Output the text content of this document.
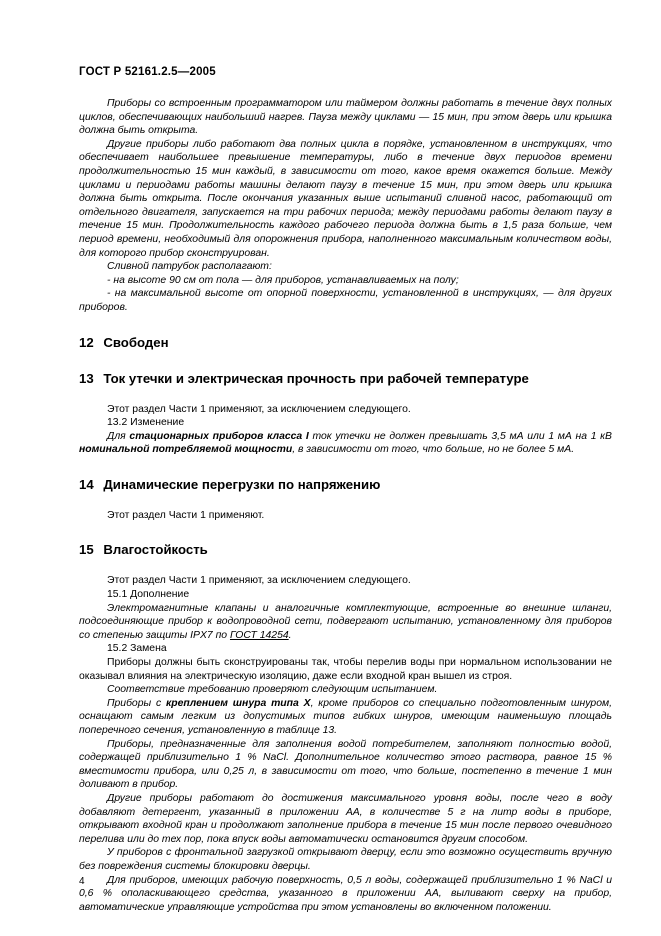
ГОСТ Р 52161.2.5—2005

Приборы со встроенным программатором или таймером должны работать в течение двух полных циклов, обеспечивающих наибольший нагрев. Пауза между циклами — 15 мин, при этом дверь или крышка должна быть открыта.

Другие приборы либо работают два полных цикла в порядке, установленном в инструкциях, что обеспечивает наибольшее превышение температуры, либо в течение двух периодов времени продолжительностью 15 мин каждый, в зависимости от того, какое время окажется больше. Между циклами и периодами работы машины делают паузу в течение 15 мин, при этом дверь или крышка должна быть открыта. После окончания указанных выше испытаний сливной насос, работающий от отдельного двигателя, запускается на три рабочих периода; между периодами работы делают паузу в течение 15 мин. Продолжительность каждого рабочего периода должна быть в 1,5 раза больше, чем период времени, необходимый для опорожнения прибора, наполненного максимальным количеством воды, для которого прибор сконструирован.

Сливной патрубок располагают:

- на высоте 90 см от пола — для приборов, устанавливаемых на полу;

- на максимальной высоте от опорной поверхности, установленной в инструкциях, — для других приборов.

12 Свободен
13 Ток утечки и электрическая прочность при рабочей температуре

Этот раздел Части 1 применяют, за исключением следующего.

13.2 Изменение

Для стационарных приборов класса I ток утечки не должен превышать 3,5 мА или 1 мА на 1 кВ номинальной потребляемой мощности, в зависимости от того, что больше, но не более 5 мА.

14 Динамические перегрузки по напряжению

Этот раздел Части 1 применяют.

15 Влагостойкость

Этот раздел Части 1 применяют, за исключением следующего.

15.1 Дополнение

Электромагнитные клапаны и аналогичные комплектующие, встроенные во внешние шланги, подсоединяющие прибор к водопроводной сети, подвергают испытанию, установленному для приборов со степенью защиты IPX7 по ГОСТ 14254.

15.2 Замена

Приборы должны быть сконструированы так, чтобы перелив воды при нормальном использовании не оказывал влияния на электрическую изоляцию, даже если входной кран вышел из строя.

Соответствие требованию проверяют следующим испытанием.

Приборы с креплением шнура типа X, кроме приборов со специально подготовленным шнуром, оснащают самым легким из допустимых типов гибких шнуров, имеющим наименьшую площадь поперечного сечения, установленную в таблице 13.

Приборы, предназначенные для заполнения водой потребителем, заполняют полностью водой, содержащей приблизительно 1 % NaCl. Дополнительное количество этого раствора, равное 15 % вместимости прибора, или 0,25 л, в зависимости от того, что больше, постепенно в течение 1 мин доливают в прибор.

Другие приборы работают до достижения максимального уровня воды, после чего в воду добавляют детергент, указанный в приложении АА, в количестве 5 г на литр воды в приборе, открывают входной кран и продолжают заполнение прибора в течение 15 мин после первого очевидного перелива или до тех пор, пока впуск воды автоматически остановится другим способом.

У приборов с фронтальной загрузкой открывают дверцу, если это возможно осуществить вручную без повреждения системы блокировки дверцы.

Для приборов, имеющих рабочую поверхность, 0,5 л воды, содержащей приблизительно 1 % NaCl и 0,6 % ополаскивающего средства, указанного в приложении АА, выливают сверху на прибор, автоматические управляющие устройства при этом установлены во включенном положении.

4
